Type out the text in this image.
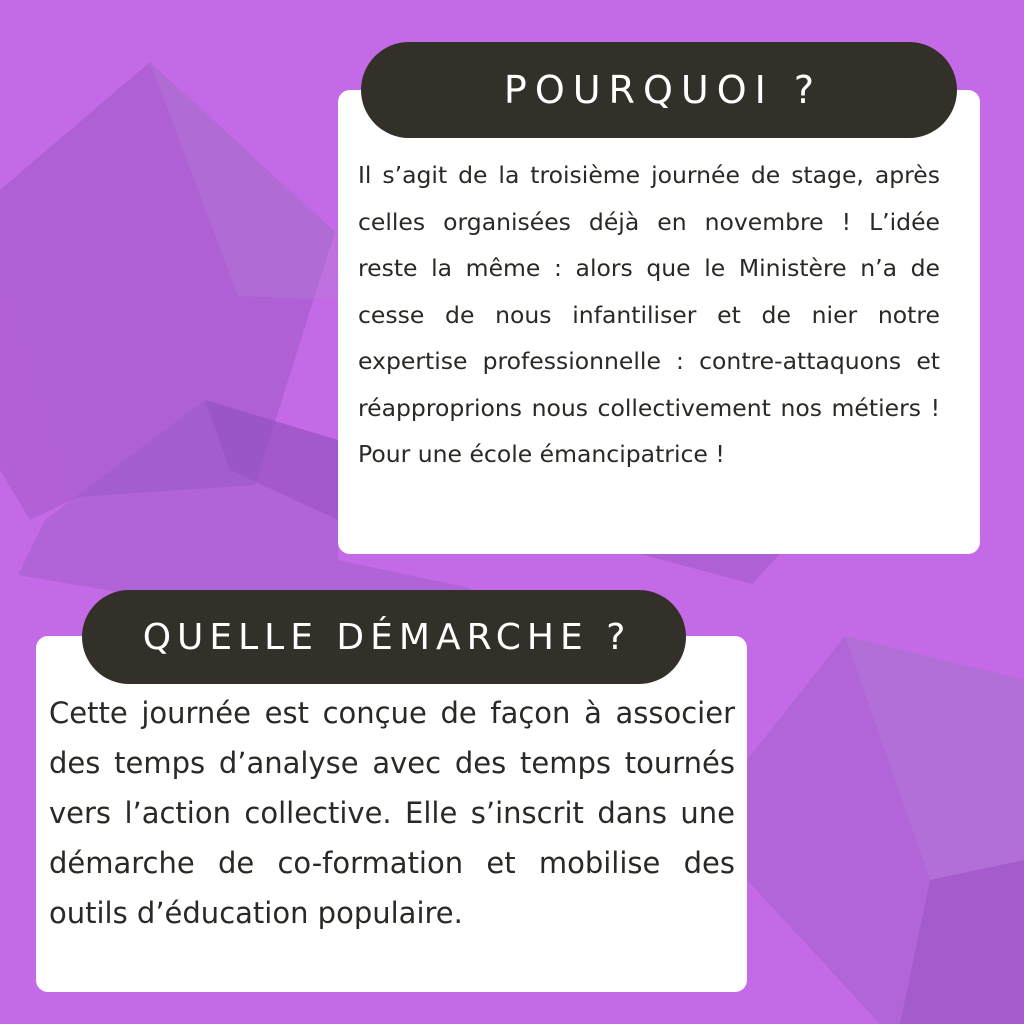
POURQUOI ?

Il s’agit de la troisième journée de stage, après celles organisées déjà en novembre ! L’idée reste la même : alors que le Ministère n’a de cesse de nous infantiliser et de nier notre expertise professionnelle : contre-attaquons et réapproprions nous collectivement nos métiers ! Pour une école émancipatrice !

QUELLE DÉMARCHE ?

Cette journée est conçue de façon à associer des temps d’analyse avec des temps tournés vers l’action collective. Elle s’inscrit dans une démarche de co-formation et mobilise des outils d’éducation populaire.
